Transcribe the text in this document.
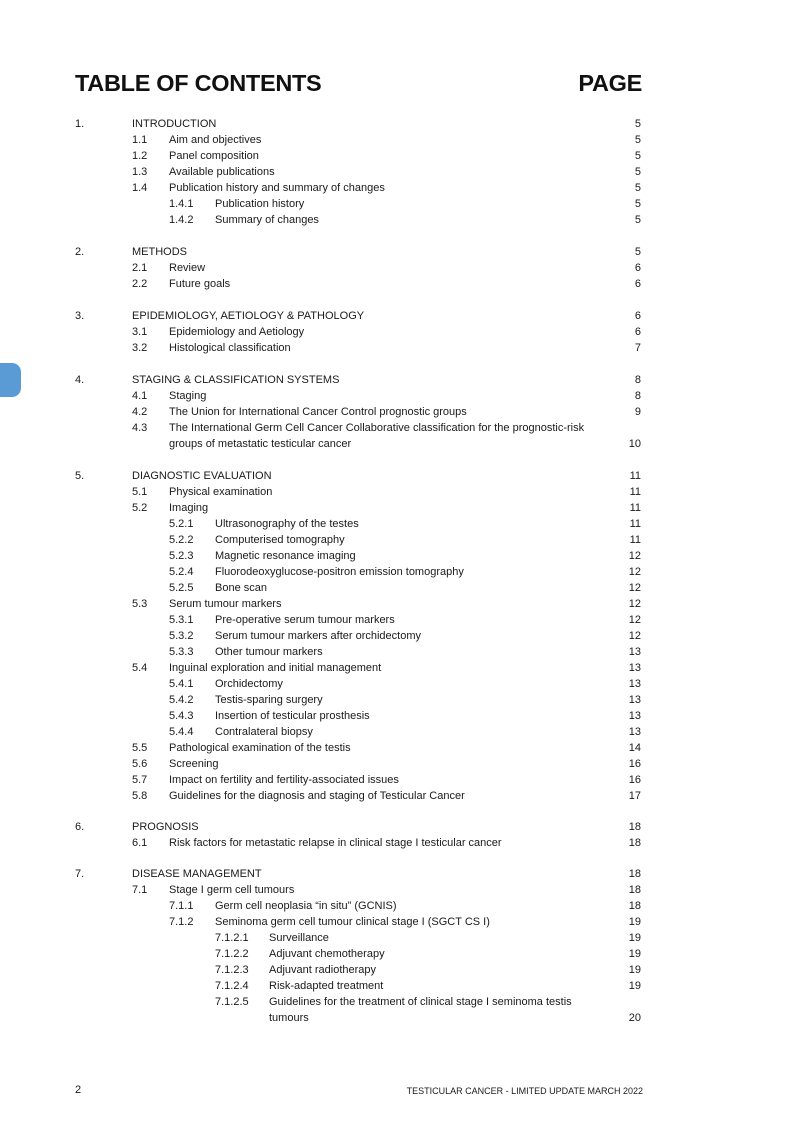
TABLE OF CONTENTS	PAGE
1.	INTRODUCTION	5
1.1 Aim and objectives	5
1.2 Panel composition	5
1.3 Available publications	5
1.4 Publication history and summary of changes	5
1.4.1 Publication history	5
1.4.2 Summary of changes	5
2.	METHODS	5
2.1 Review	6
2.2 Future goals	6
3.	EPIDEMIOLOGY, AETIOLOGY & PATHOLOGY	6
3.1 Epidemiology and Aetiology	6
3.2 Histological classification	7
4.	STAGING & CLASSIFICATION SYSTEMS	8
4.1 Staging	8
4.2 The Union for International Cancer Control prognostic groups	9
4.3 The International Germ Cell Cancer Collaborative classification for the prognostic-risk groups of metastatic testicular cancer	10
5.	DIAGNOSTIC EVALUATION	11
5.1 Physical examination	11
5.2 Imaging	11
5.2.1 Ultrasonography of the testes	11
5.2.2 Computerised tomography	11
5.2.3 Magnetic resonance imaging	12
5.2.4 Fluorodeoxyglucose-positron emission tomography	12
5.2.5 Bone scan	12
5.3 Serum tumour markers	12
5.3.1 Pre-operative serum tumour markers	12
5.3.2 Serum tumour markers after orchidectomy	12
5.3.3 Other tumour markers	13
5.4 Inguinal exploration and initial management	13
5.4.1 Orchidectomy	13
5.4.2 Testis-sparing surgery	13
5.4.3 Insertion of testicular prosthesis	13
5.4.4 Contralateral biopsy	13
5.5 Pathological examination of the testis	14
5.6 Screening	16
5.7 Impact on fertility and fertility-associated issues	16
5.8 Guidelines for the diagnosis and staging of Testicular Cancer	17
6.	PROGNOSIS	18
6.1 Risk factors for metastatic relapse in clinical stage I testicular cancer	18
7.	DISEASE MANAGEMENT	18
7.1 Stage I germ cell tumours	18
7.1.1 Germ cell neoplasia “in situ” (GCNIS)	18
7.1.2 Seminoma germ cell tumour clinical stage I (SGCT CS I)	19
7.1.2.1 Surveillance	19
7.1.2.2 Adjuvant chemotherapy	19
7.1.2.3 Adjuvant radiotherapy	19
7.1.2.4 Risk-adapted treatment	19
7.1.2.5 Guidelines for the treatment of clinical stage I seminoma testis tumours	20
2	TESTICULAR CANCER - LIMITED UPDATE MARCH 2022
